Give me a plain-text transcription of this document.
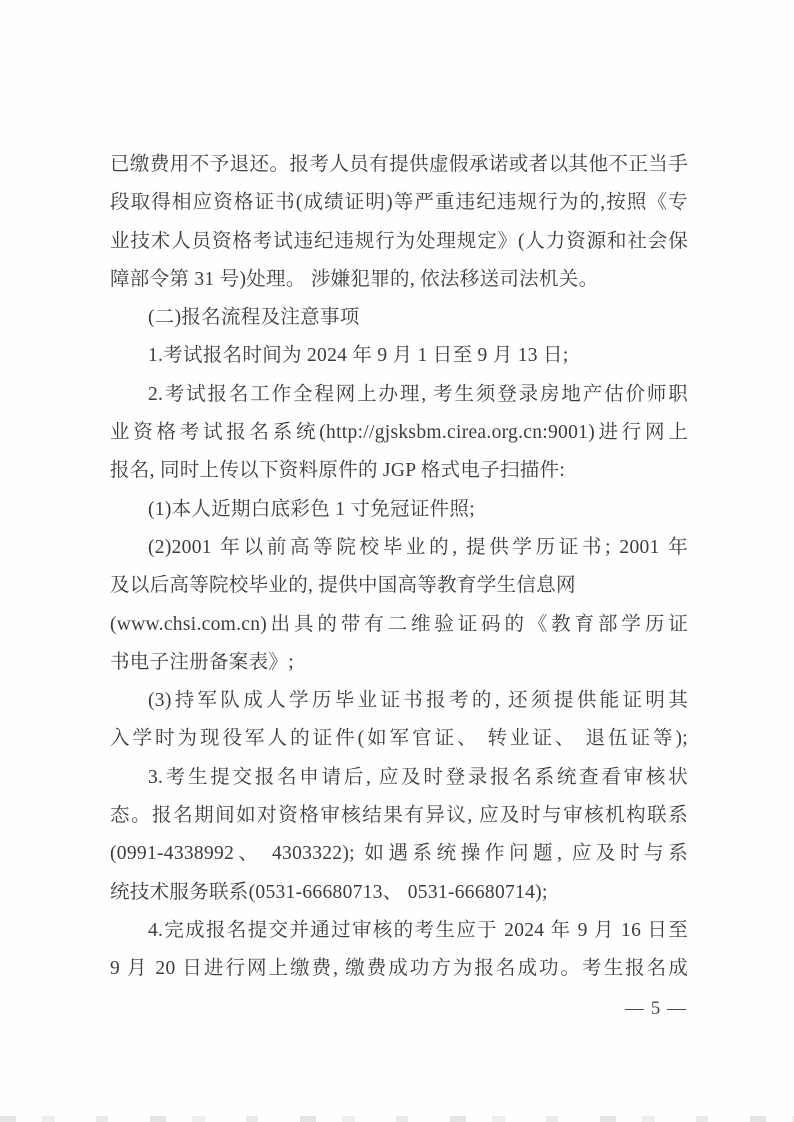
已缴费用不予退还。报考人员有提供虚假承诺或者以其他不正当手

段取得相应资格证书(成绩证明)等严重违纪违规行为的,按照《专

业技术人员资格考试违纪违规行为处理规定》(人力资源和社会保

障部令第 31 号)处理。 涉嫌犯罪的, 依法移送司法机关。

(二)报名流程及注意事项

1.考试报名时间为 2024 年 9 月 1 日至 9 月 13 日;

2.考试报名工作全程网上办理, 考生须登录房地产估价师职

业资格考试报名系统(http://gjsksbm.cirea.org.cn:9001)进行网上

报名, 同时上传以下资料原件的 JGP 格式电子扫描件:

(1)本人近期白底彩色 1 寸免冠证件照;

(2)2001 年以前高等院校毕业的, 提供学历证书; 2001 年

及以后高等院校毕业的, 提供中国高等教育学生信息网

(www.chsi.com.cn)出具的带有二维验证码的《教育部学历证

书电子注册备案表》;

(3)持军队成人学历毕业证书报考的, 还须提供能证明其

入学时为现役军人的证件(如军官证、 转业证、 退伍证等);

3.考生提交报名申请后, 应及时登录报名系统查看审核状

态。报名期间如对资格审核结果有异议, 应及时与审核机构联系

(0991-4338992、 4303322); 如遇系统操作问题, 应及时与系

统技术服务联系(0531-66680713、 0531-66680714);

4.完成报名提交并通过审核的考生应于 2024 年 9 月 16 日至

9 月 20 日进行网上缴费, 缴费成功方为报名成功。考生报名成

— 5 —
